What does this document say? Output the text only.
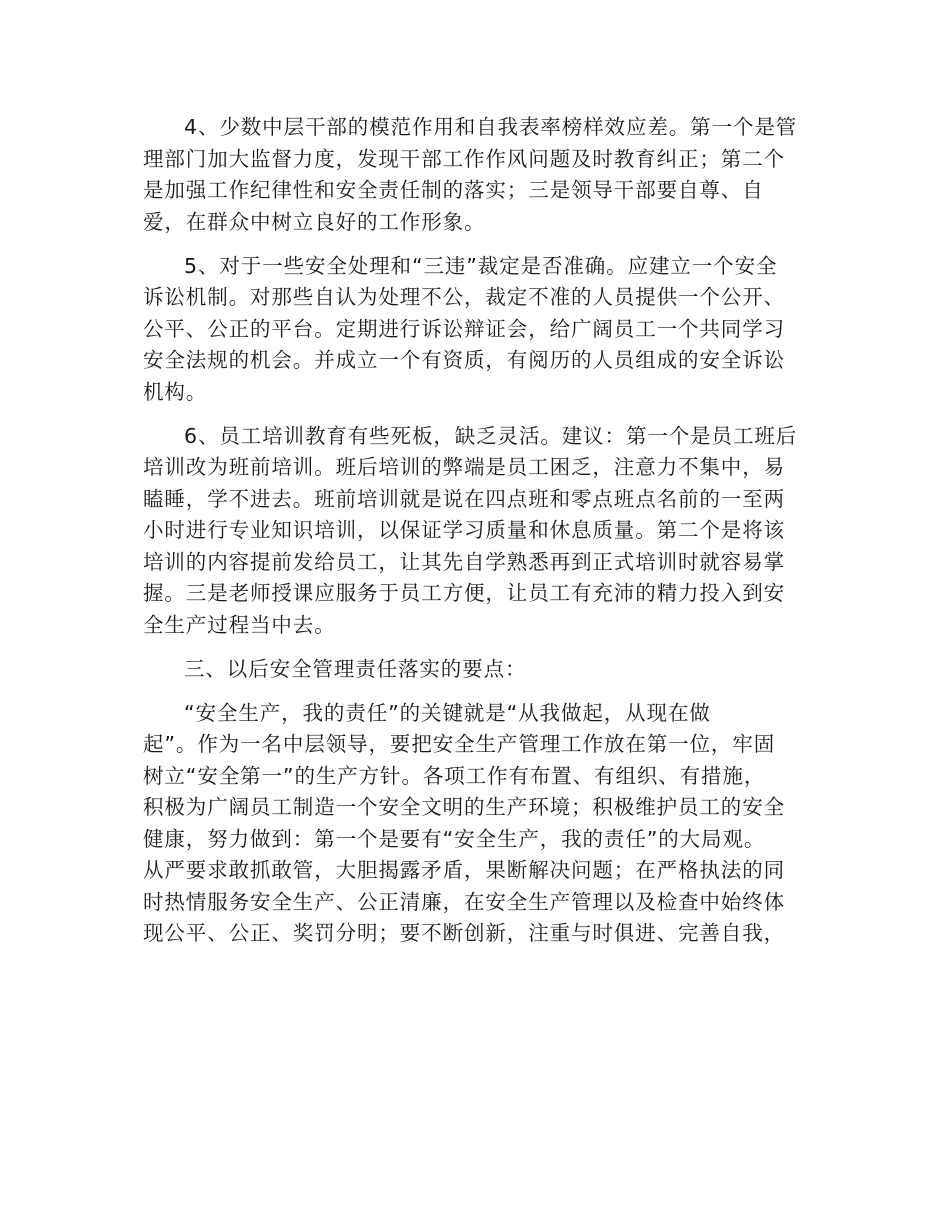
4、少数中层干部的模范作用和自我表率榜样效应差。第一个是管
理部门加大监督力度，发现干部工作作风问题及时教育纠正；第二个
是加强工作纪律性和安全责任制的落实；三是领导干部要自尊、自
爱，在群众中树立良好的工作形象。

5、对于一些安全处理和“三违”裁定是否准确。应建立一个安全
诉讼机制。对那些自认为处理不公，裁定不准的人员提供一个公开、
公平、公正的平台。定期进行诉讼辩证会，给广阔员工一个共同学习
安全法规的机会。并成立一个有资质，有阅历的人员组成的安全诉讼
机构。

6、员工培训教育有些死板，缺乏灵活。建议：第一个是员工班后
培训改为班前培训。班后培训的弊端是员工困乏，注意力不集中，易
瞌睡，学不进去。班前培训就是说在四点班和零点班点名前的一至两
小时进行专业知识培训，以保证学习质量和休息质量。第二个是将该
培训的内容提前发给员工，让其先自学熟悉再到正式培训时就容易掌
握。三是老师授课应服务于员工方便，让员工有充沛的精力投入到安
全生产过程当中去。

三、以后安全管理责任落实的要点：

“安全生产，我的责任”的关键就是“从我做起，从现在做
起”。作为一名中层领导，要把安全生产管理工作放在第一位，牢固
树立“安全第一”的生产方针。各项工作有布置、有组织、有措施，
积极为广阔员工制造一个安全文明的生产环境；积极维护员工的安全
健康，努力做到：第一个是要有“安全生产，我的责任”的大局观。
从严要求敢抓敢管，大胆揭露矛盾，果断解决问题；在严格执法的同
时热情服务安全生产、公正清廉，在安全生产管理以及检查中始终体
现公平、公正、奖罚分明；要不断创新，注重与时俱进、完善自我，
